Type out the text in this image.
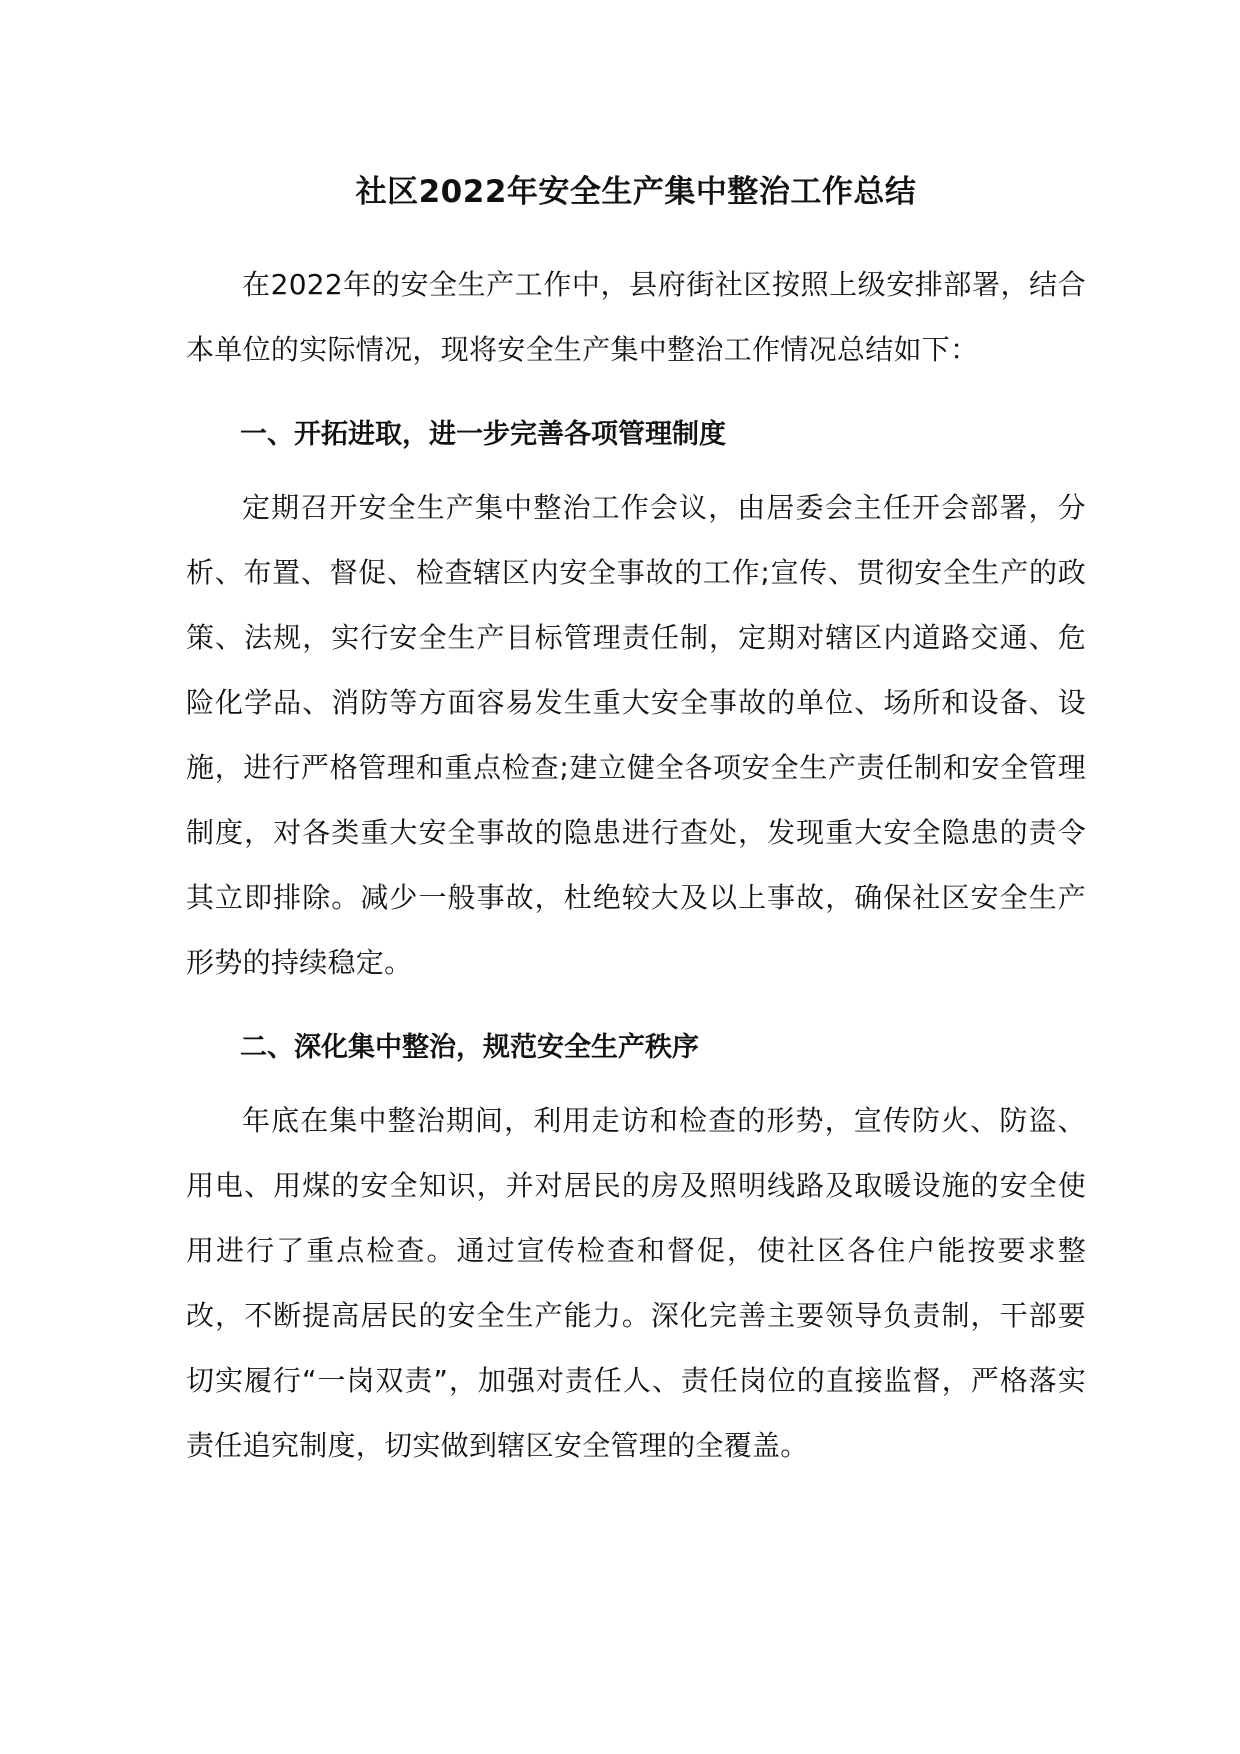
社区2022年安全生产集中整治工作总结

在2022年的安全生产工作中，县府街社区按照上级安排部署，结合本单位的实际情况，现将安全生产集中整治工作情况总结如下：

一、开拓进取，进一步完善各项管理制度

定期召开安全生产集中整治工作会议，由居委会主任开会部署，分析、布置、督促、检查辖区内安全事故的工作;宣传、贯彻安全生产的政策、法规，实行安全生产目标管理责任制，定期对辖区内道路交通、危险化学品、消防等方面容易发生重大安全事故的单位、场所和设备、设施，进行严格管理和重点检查;建立健全各项安全生产责任制和安全管理制度，对各类重大安全事故的隐患进行查处，发现重大安全隐患的责令其立即排除。减少一般事故，杜绝较大及以上事故，确保社区安全生产形势的持续稳定。

二、深化集中整治，规范安全生产秩序

年底在集中整治期间，利用走访和检查的形势，宣传防火、防盗、用电、用煤的安全知识，并对居民的房及照明线路及取暖设施的安全使用进行了重点检查。通过宣传检查和督促，使社区各住户能按要求整改，不断提高居民的安全生产能力。深化完善主要领导负责制，干部要切实履行“一岗双责”，加强对责任人、责任岗位的直接监督，严格落实责任追究制度，切实做到辖区安全管理的全覆盖。
